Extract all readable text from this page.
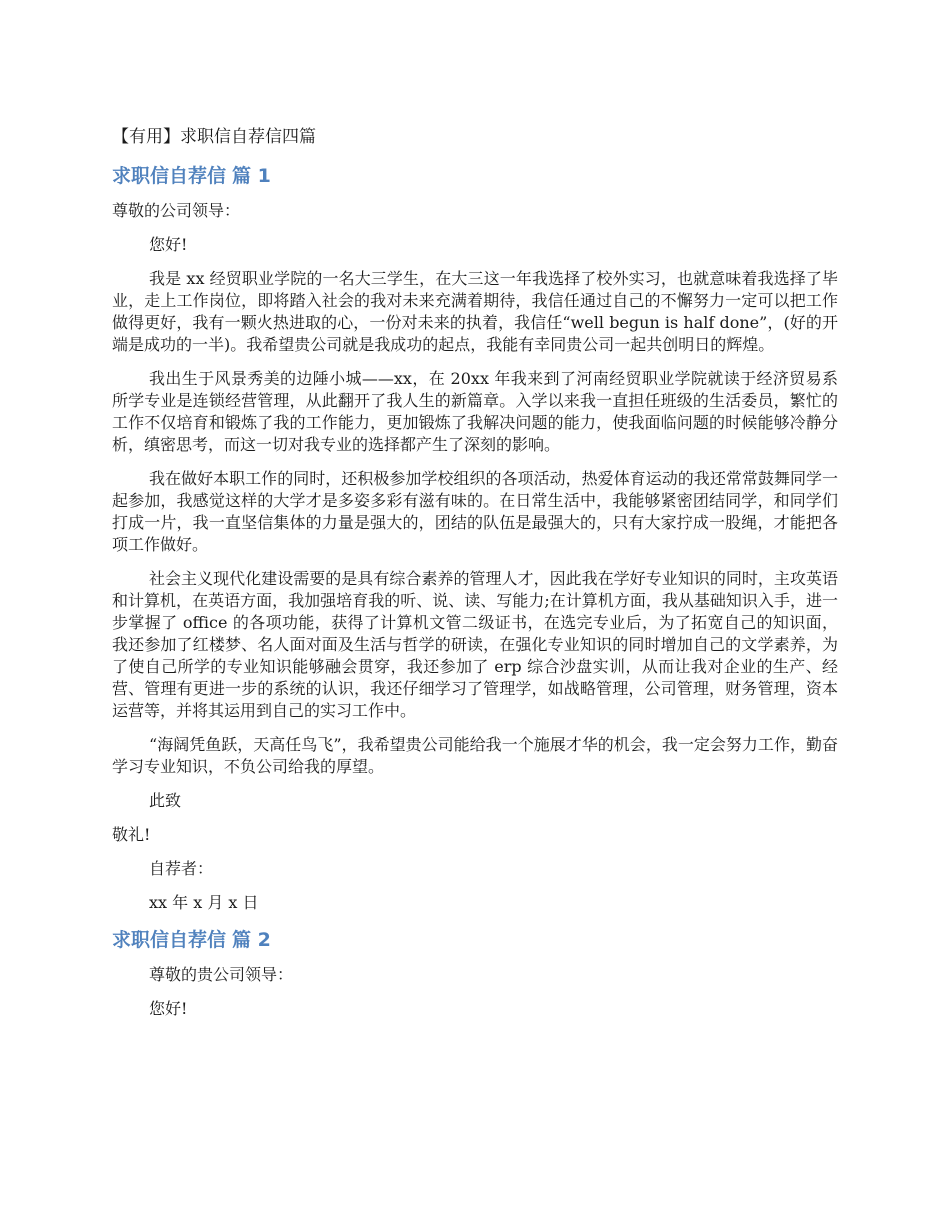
【有用】求职信自荐信四篇
求职信自荐信 篇 1

尊敬的公司领导：

您好!

我是 xx 经贸职业学院的一名大三学生，在大三这一年我选择了校外实习，也就意味着我选择了毕业，走上工作岗位，即将踏入社会的我对未来充满着期待，我信任通过自己的不懈努力一定可以把工作做得更好，我有一颗火热进取的心，一份对未来的执着，我信任“well begun is half done”，(好的开端是成功的一半)。我希望贵公司就是我成功的起点，我能有幸同贵公司一起共创明日的辉煌。

我出生于风景秀美的边陲小城——xx，在 20xx 年我来到了河南经贸职业学院就读于经济贸易系所学专业是连锁经营管理，从此翻开了我人生的新篇章。入学以来我一直担任班级的生活委员，繁忙的工作不仅培育和锻炼了我的工作能力，更加锻炼了我解决问题的能力，使我面临问题的时候能够冷静分析，缜密思考，而这一切对我专业的选择都产生了深刻的影响。

我在做好本职工作的同时，还积极参加学校组织的各项活动，热爱体育运动的我还常常鼓舞同学一起参加，我感觉这样的大学才是多姿多彩有滋有味的。在日常生活中，我能够紧密团结同学，和同学们打成一片，我一直坚信集体的力量是强大的，团结的队伍是最强大的，只有大家拧成一股绳，才能把各项工作做好。

社会主义现代化建设需要的是具有综合素养的管理人才，因此我在学好专业知识的同时，主攻英语和计算机，在英语方面，我加强培育我的听、说、读、写能力;在计算机方面，我从基础知识入手，进一步掌握了 office 的各项功能，获得了计算机文管二级证书，在选完专业后，为了拓宽自己的知识面，我还参加了红楼梦、名人面对面及生活与哲学的研读，在强化专业知识的同时增加自己的文学素养，为了使自己所学的专业知识能够融会贯穿，我还参加了 erp 综合沙盘实训，从而让我对企业的生产、经营、管理有更进一步的系统的认识，我还仔细学习了管理学，如战略管理，公司管理，财务管理，资本运营等，并将其运用到自己的实习工作中。

“海阔凭鱼跃，天高任鸟飞”，我希望贵公司能给我一个施展才华的机会，我一定会努力工作，勤奋学习专业知识，不负公司给我的厚望。

此致

敬礼!

自荐者：

xx 年 x 月 x 日

求职信自荐信 篇 2

尊敬的贵公司领导：

您好!
